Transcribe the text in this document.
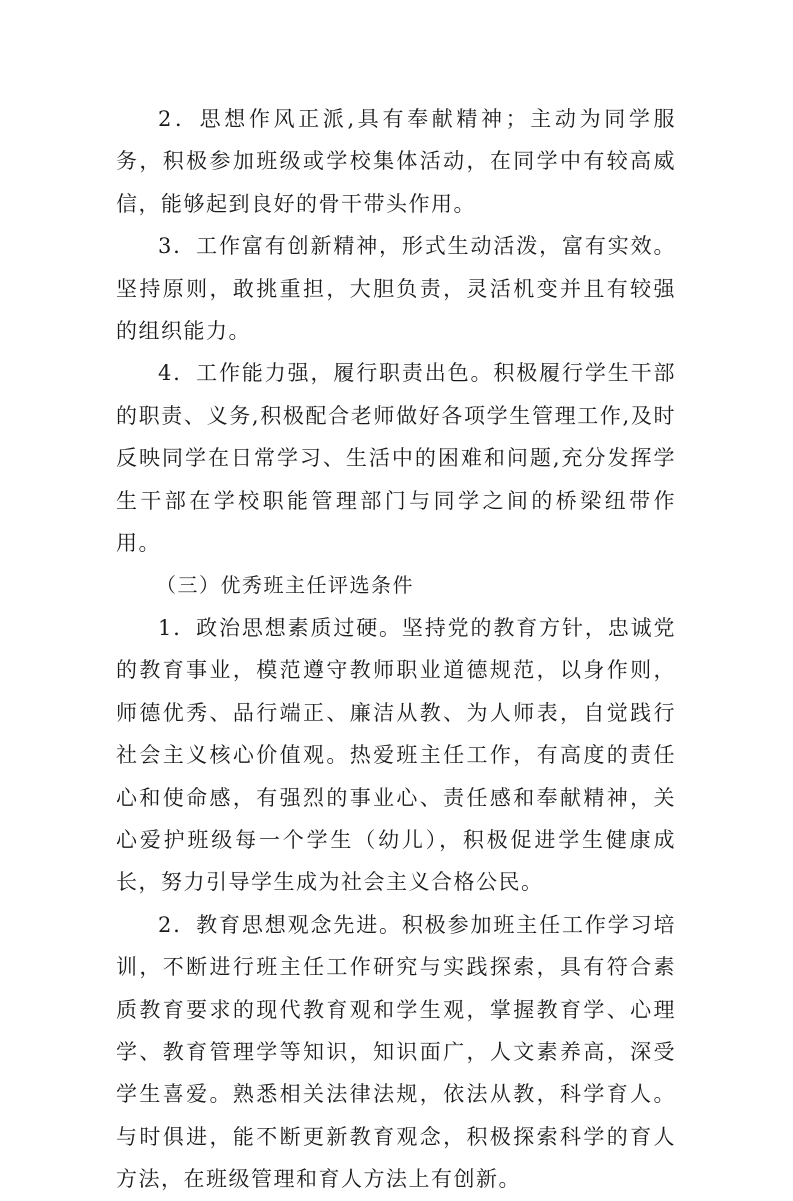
2．思想作风正派,具有奉献精神；主动为同学服务，积极参加班级或学校集体活动，在同学中有较高威信，能够起到良好的骨干带头作用。

3．工作富有创新精神，形式生动活泼，富有实效。坚持原则，敢挑重担，大胆负责，灵活机变并且有较强的组织能力。

4．工作能力强，履行职责出色。积极履行学生干部的职责、义务,积极配合老师做好各项学生管理工作,及时反映同学在日常学习、生活中的困难和问题,充分发挥学生干部在学校职能管理部门与同学之间的桥梁纽带作用。

（三）优秀班主任评选条件

1．政治思想素质过硬。坚持党的教育方针，忠诚党的教育事业，模范遵守教师职业道德规范，以身作则，师德优秀、品行端正、廉洁从教、为人师表，自觉践行社会主义核心价值观。热爱班主任工作，有高度的责任心和使命感，有强烈的事业心、责任感和奉献精神，关心爱护班级每一个学生（幼儿），积极促进学生健康成长，努力引导学生成为社会主义合格公民。

2．教育思想观念先进。积极参加班主任工作学习培训，不断进行班主任工作研究与实践探索，具有符合素质教育要求的现代教育观和学生观，掌握教育学、心理学、教育管理学等知识，知识面广，人文素养高，深受学生喜爱。熟悉相关法律法规，依法从教，科学育人。与时俱进，能不断更新教育观念，积极探索科学的育人方法，在班级管理和育人方法上有创新。
